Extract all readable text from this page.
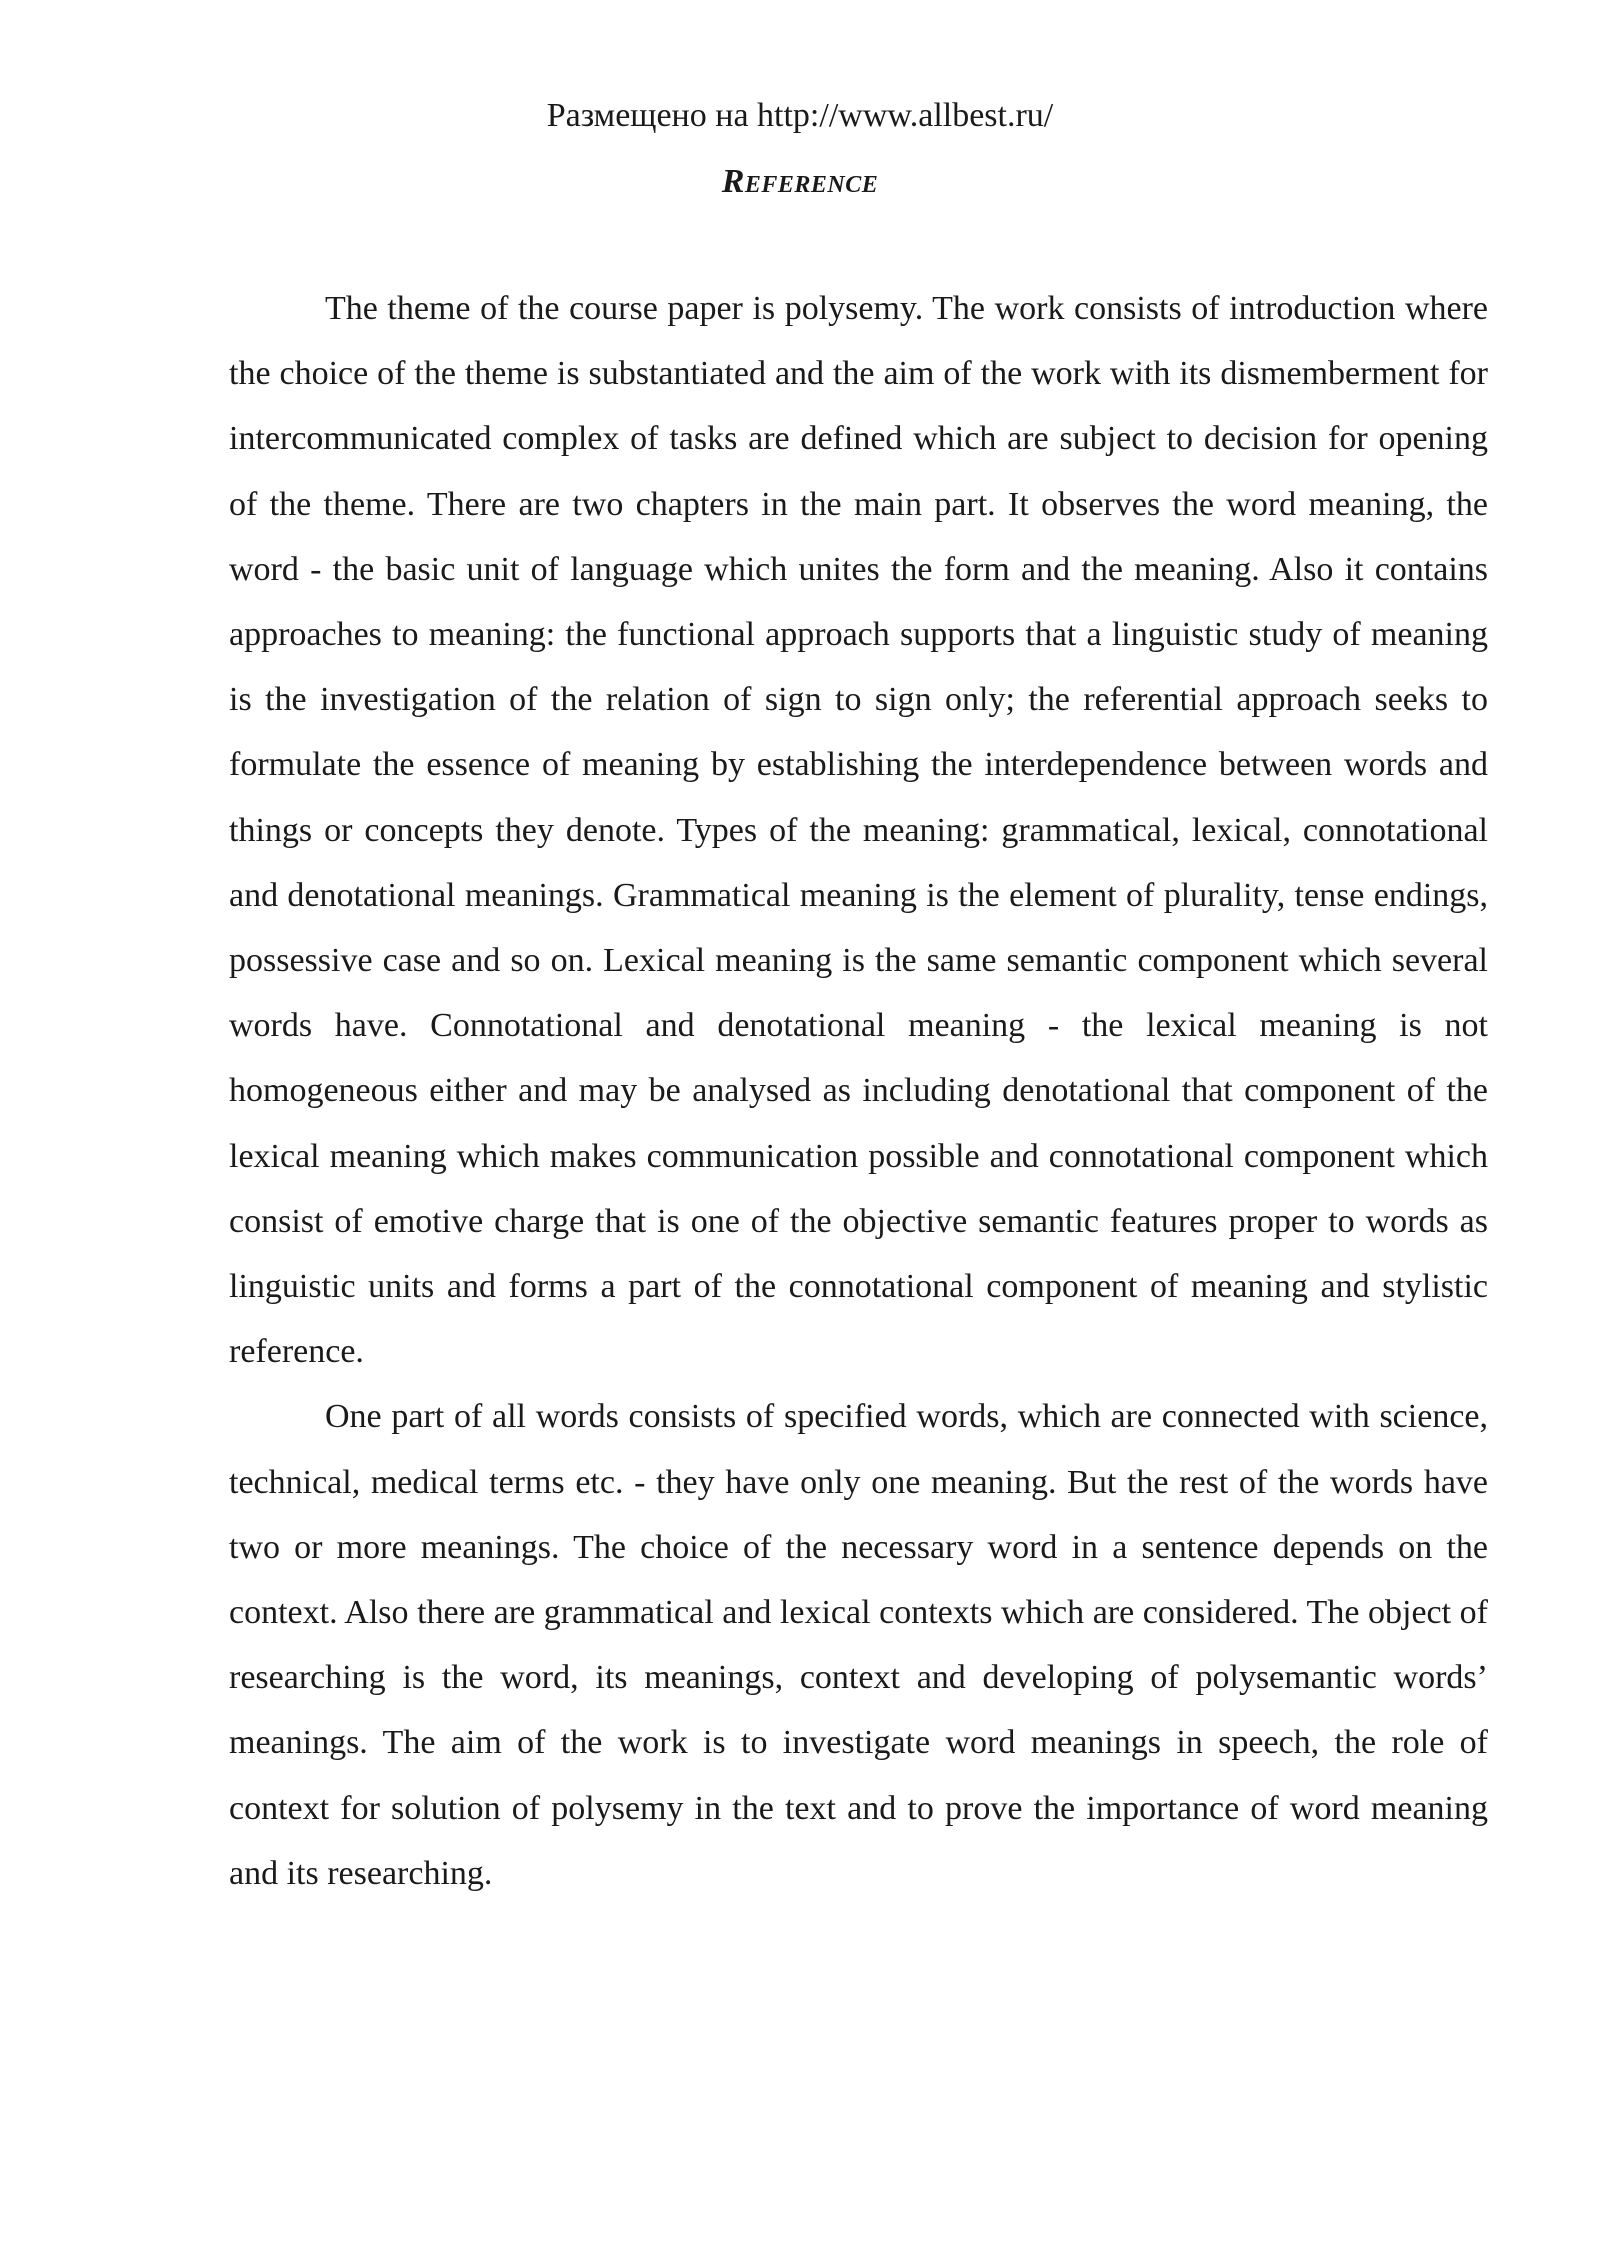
Размещено на http://www.allbest.ru/
Reference

The theme of the course paper is polysemy. The work consists of introduction where the choice of the theme is substantiated and the aim of the work with its dismemberment for intercommunicated complex of tasks are defined which are subject to decision for opening of the theme. There are two chapters in the main part. It observes the word meaning, the word - the basic unit of language which unites the form and the meaning. Also it contains approaches to meaning: the functional approach supports that a linguistic study of meaning is the investigation of the relation of sign to sign only; the referential approach seeks to formulate the essence of meaning by establishing the interdependence between words and things or concepts they denote. Types of the meaning: grammatical, lexical, connotational and denotational meanings. Grammatical meaning is the element of plurality, tense endings, possessive case and so on. Lexical meaning is the same semantic component which several words have. Connotational and denotational meaning - the lexical meaning is not homogeneous either and may be analysed as including denotational that component of the lexical meaning which makes communication possible and connotational component which consist of emotive charge that is one of the objective semantic features proper to words as linguistic units and forms a part of the connotational component of meaning and stylistic reference.

One part of all words consists of specified words, which are connected with science, technical, medical terms etc. - they have only one meaning. But the rest of the words have two or more meanings. The choice of the necessary word in a sentence depends on the context. Also there are grammatical and lexical contexts which are considered. The object of researching is the word, its meanings, context and developing of polysemantic words’ meanings. The aim of the work is to investigate word meanings in speech, the role of context for solution of polysemy in the text and to prove the importance of word meaning and its researching.
